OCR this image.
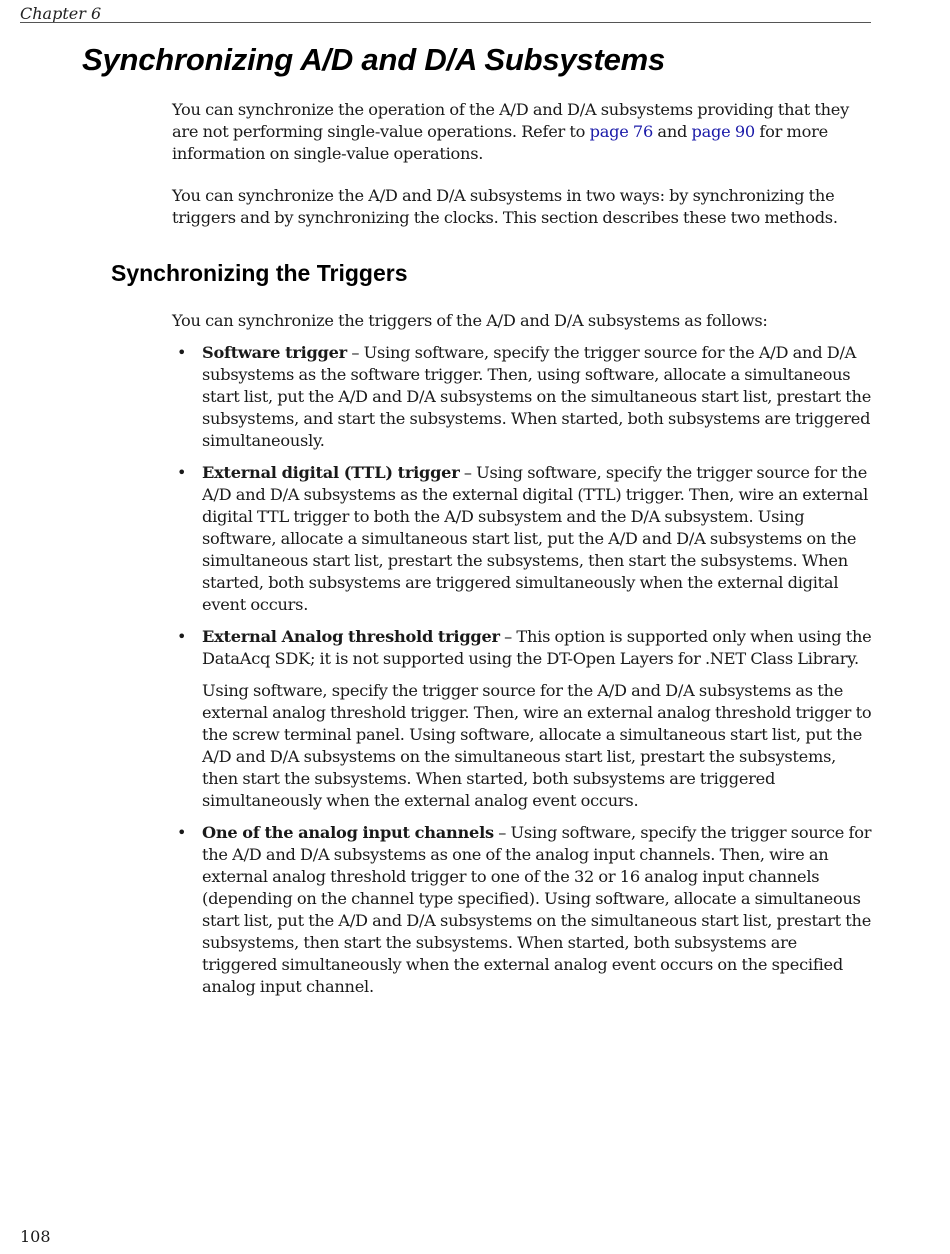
Chapter 6
Synchronizing A/D and D/A Subsystems

You can synchronize the operation of the A/D and D/A subsystems providing that they are not performing single-value operations. Refer to page 76 and page 90 for more information on single-value operations.

You can synchronize the A/D and D/A subsystems in two ways: by synchronizing the triggers and by synchronizing the clocks. This section describes these two methods.

Synchronizing the Triggers

You can synchronize the triggers of the A/D and D/A subsystems as follows:

• Software trigger – Using software, specify the trigger source for the A/D and D/A subsystems as the software trigger. Then, using software, allocate a simultaneous start list, put the A/D and D/A subsystems on the simultaneous start list, prestart the subsystems, and start the subsystems. When started, both subsystems are triggered simultaneously.

• External digital (TTL) trigger – Using software, specify the trigger source for the A/D and D/A subsystems as the external digital (TTL) trigger. Then, wire an external digital TTL trigger to both the A/D subsystem and the D/A subsystem. Using software, allocate a simultaneous start list, put the A/D and D/A subsystems on the simultaneous start list, prestart the subsystems, then start the subsystems. When started, both subsystems are triggered simultaneously when the external digital event occurs.

• External Analog threshold trigger – This option is supported only when using the DataAcq SDK; it is not supported using the DT-Open Layers for .NET Class Library.

Using software, specify the trigger source for the A/D and D/A subsystems as the external analog threshold trigger. Then, wire an external analog threshold trigger to the screw terminal panel. Using software, allocate a simultaneous start list, put the A/D and D/A subsystems on the simultaneous start list, prestart the subsystems, then start the subsystems. When started, both subsystems are triggered simultaneously when the external analog event occurs.

• One of the analog input channels – Using software, specify the trigger source for the A/D and D/A subsystems as one of the analog input channels. Then, wire an external analog threshold trigger to one of the 32 or 16 analog input channels (depending on the channel type specified). Using software, allocate a simultaneous start list, put the A/D and D/A subsystems on the simultaneous start list, prestart the subsystems, then start the subsystems. When started, both subsystems are triggered simultaneously when the external analog event occurs on the specified analog input channel.

108
